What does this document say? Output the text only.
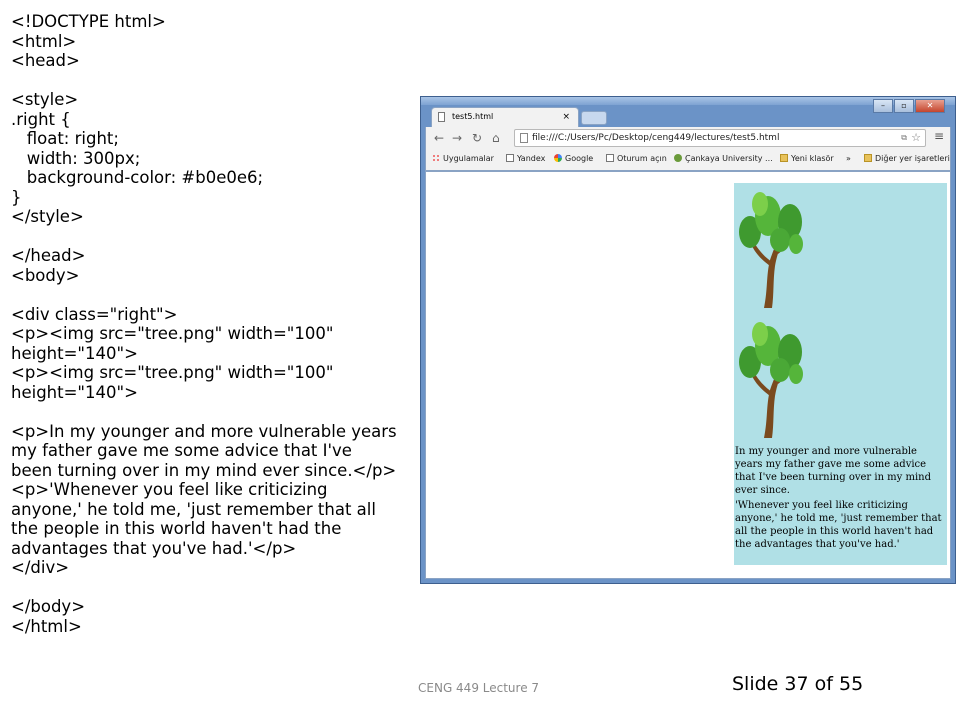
<!DOCTYPE html>
<html>
<head>
<style>
.right {
float: right;
width: 300px;
background-color: #b0e0e6;
}
</style>
</head>
<body>
<div class="right">
<p><img src="tree.png" width="100"
height="140">
<p><img src="tree.png" width="100"
height="140">
<p>In my younger and more vulnerable years
my father gave me some advice that I've
been turning over in my mind ever since.</p>
<p>'Whenever you feel like criticizing
anyone,' he told me, 'just remember that all
the people in this world haven't had the
advantages that you've had.'</p>
</div>
</body>
</html>
test5.html	×
–	▫	✕
← → ↻ ⌂	file:///C:/Users/Pc/Desktop/ceng449/lectures/test5.html	⧉ ☆ ≡
Uygulamalar	Yandex	Google	Oturum açın	Çankaya University ...	Yeni klasör »	Diğer yer işaretleri
In my younger and more vulnerable years my father gave me some advice that I've been turning over in my mind ever since.
'Whenever you feel like criticizing anyone,' he told me, 'just remember that all the people in this world haven't had the advantages that you've had.'
CENG 449 Lecture 7	Slide 37 of 55
